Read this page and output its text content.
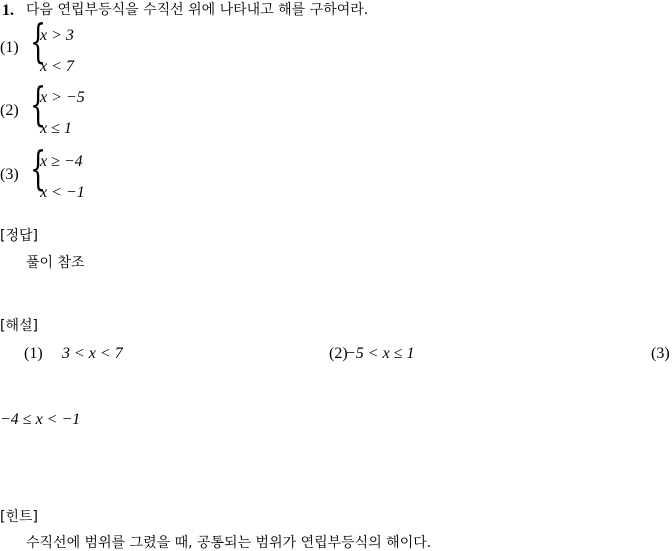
1. 다음 연립부등식을 수직선 위에 나타내고 해를 구하여라.
(1) {
x > 3
x < 7
(2) {
x > −5
x ≤ 1
(3) {
x ≥ −4
x < −1
[정답]
풀이 참조
[해설]
(1) 3 < x < 7	(2)
−5 < x ≤ 1	(3)
−4 ≤ x < −1
[힌트]
수직선에 범위를 그렸을 때, 공통되는 범위가 연립부등식의 해이다.
